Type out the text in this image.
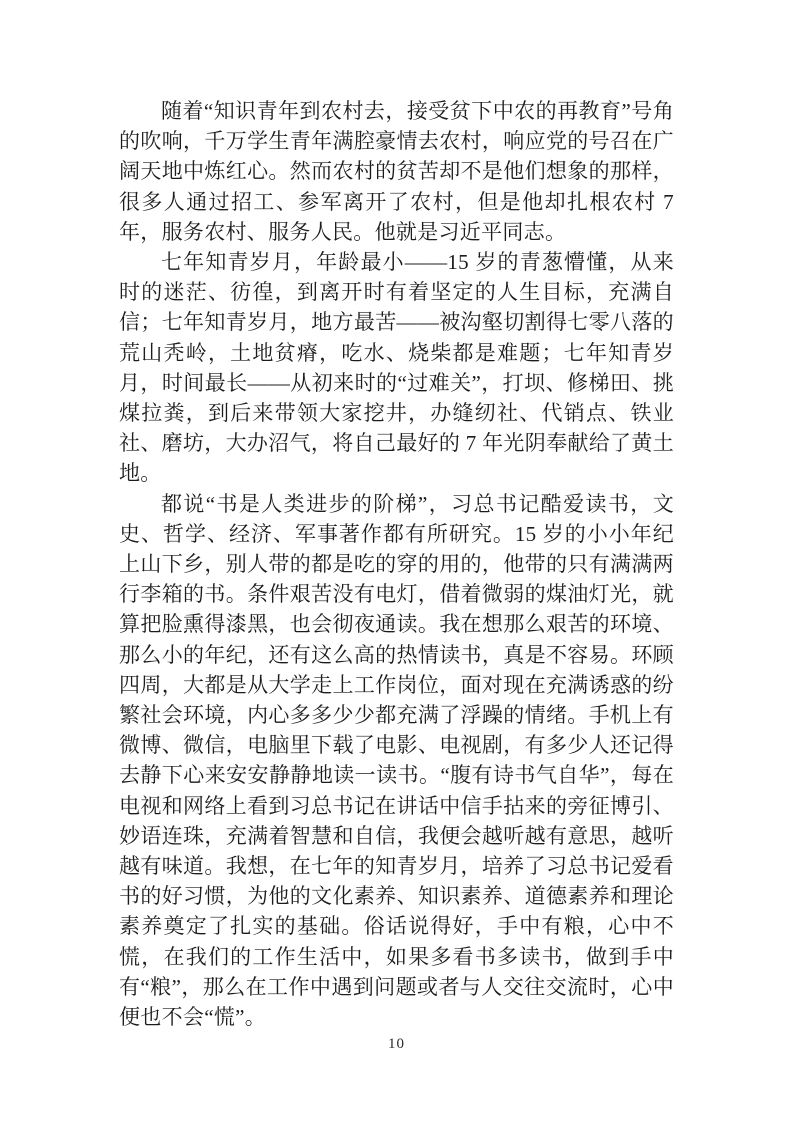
随着“知识青年到农村去，接受贫下中农的再教育”号角的吹响，千万学生青年满腔豪情去农村，响应党的号召在广阔天地中炼红心。然而农村的贫苦却不是他们想象的那样，很多人通过招工、参军离开了农村，但是他却扎根农村 7 年，服务农村、服务人民。他就是习近平同志。

七年知青岁月，年龄最小——15 岁的青葱懵懂，从来时的迷茫、彷徨，到离开时有着坚定的人生目标，充满自信；七年知青岁月，地方最苦——被沟壑切割得七零八落的荒山秃岭，土地贫瘠，吃水、烧柴都是难题；七年知青岁月，时间最长——从初来时的“过难关”，打坝、修梯田、挑煤拉粪，到后来带领大家挖井，办缝纫社、代销点、铁业社、磨坊，大办沼气，将自己最好的 7 年光阴奉献给了黄土地。

都说“书是人类进步的阶梯”，习总书记酷爱读书，文史、哲学、经济、军事著作都有所研究。15 岁的小小年纪上山下乡，别人带的都是吃的穿的用的，他带的只有满满两行李箱的书。条件艰苦没有电灯，借着微弱的煤油灯光，就算把脸熏得漆黑，也会彻夜通读。我在想那么艰苦的环境、那么小的年纪，还有这么高的热情读书，真是不容易。环顾四周，大都是从大学走上工作岗位，面对现在充满诱惑的纷繁社会环境，内心多多少少都充满了浮躁的情绪。手机上有微博、微信，电脑里下载了电影、电视剧，有多少人还记得去静下心来安安静静地读一读书。“腹有诗书气自华”，每在电视和网络上看到习总书记在讲话中信手拈来的旁征博引、妙语连珠，充满着智慧和自信，我便会越听越有意思，越听越有味道。我想，在七年的知青岁月，培养了习总书记爱看书的好习惯，为他的文化素养、知识素养、道德素养和理论素养奠定了扎实的基础。俗话说得好，手中有粮，心中不慌，在我们的工作生活中，如果多看书多读书，做到手中有“粮”，那么在工作中遇到问题或者与人交往交流时，心中便也不会“慌”。

10
